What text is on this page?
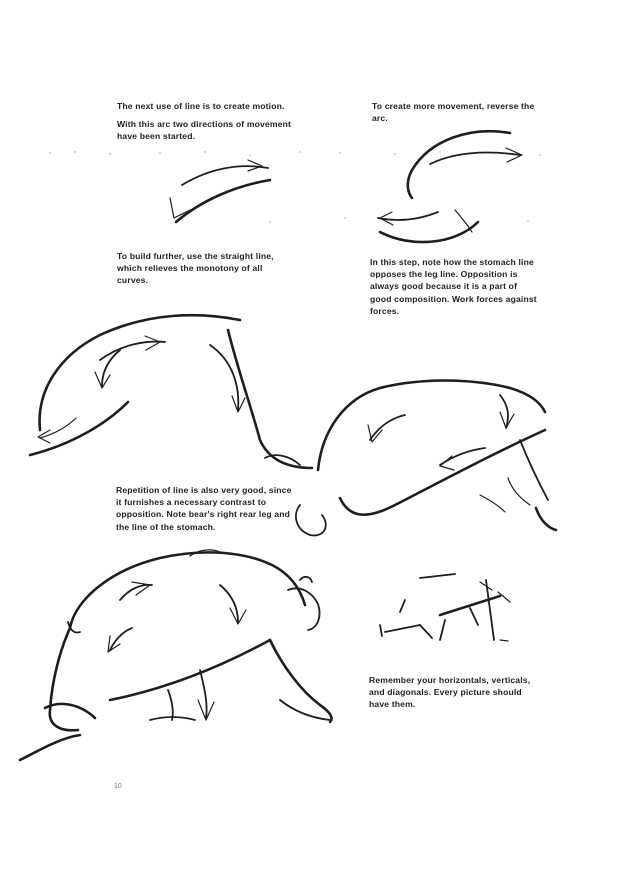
The next use of line is to create motion.

With this arc two directions of movement have been started.

To create more movement, reverse the arc.

To build further, use the straight line, which relieves the monotony of all curves.

In this step, note how the stomach line opposes the leg line. Opposition is always good because it is a part of good composition. Work forces against forces.

Repetition of line is also very good, since it furnishes a necessary contrast to opposition. Note bear's right rear leg and the line of the stomach.

Remember your horizontals, verticals, and diagonals. Every picture should have them.

10
